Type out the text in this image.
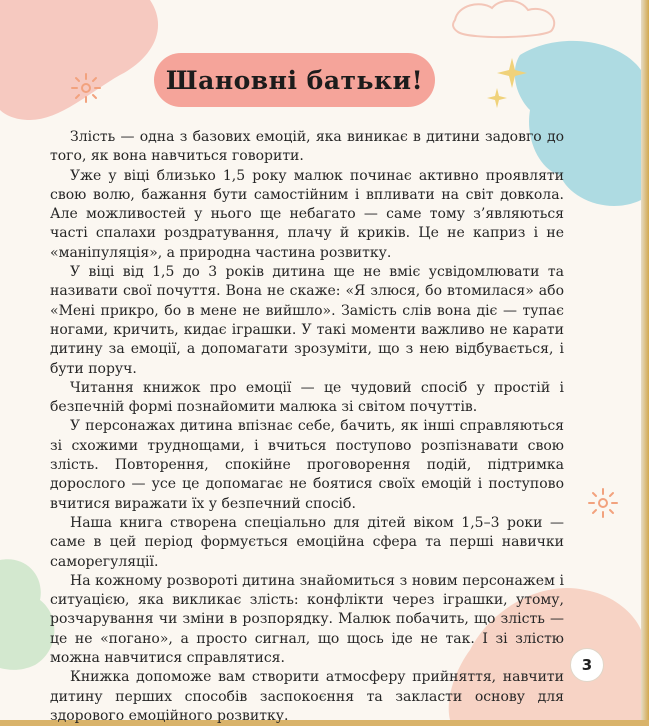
Шановні батьки!

Злість — одна з базових емоцій, яка виникає в дитини задовго до того, як вона навчиться говорити.

Уже у віці близько 1,5 року малюк починає активно проявляти свою волю, бажання бути самостійним і впливати на світ довкола. Але можливостей у нього ще небагато — саме тому з’являються часті спалахи роздратування, плачу й криків. Це не каприз і не «маніпуляція», а природна частина розвитку.

У віці від 1,5 до 3 років дитина ще не вміє усвідомлювати та називати свої почуття. Вона не скаже: «Я злюся, бо втомилася» або «Мені прикро, бо в мене не вийшло». Замість слів вона діє — тупає ногами, кричить, кидає іграшки. У такі моменти важливо не карати дитину за емоції, а допомагати зрозуміти, що з нею відбувається, і бути поруч.

Читання книжок про емоції — це чудовий спосіб у простій і безпечній формі познайомити малюка зі світом почуттів.

У персонажах дитина впізнає себе, бачить, як інші справляються зі схожими труднощами, і вчиться поступово розпізнавати свою злість. Повторення, спокійне проговорення подій, підтримка дорослого — усе це допомагає не боятися своїх емоцій і поступово вчитися виражати їх у безпечний спосіб.

Наша книга створена спеціально для дітей віком 1,5–3 роки — саме в цей період формується емоційна сфера та перші навички саморегуляції.

На кожному розвороті дитина знайомиться з новим персонажем і ситуацією, яка викликає злість: конфлікти через іграшки, утому, розчарування чи зміни в розпорядку. Малюк побачить, що злість — це не «погано», а просто сигнал, що щось іде не так. І зі злістю можна навчитися справлятися.

Книжка допоможе вам створити атмосферу прийняття, навчити дитину перших способів заспокоєння та закласти основу для здорового емоційного розвитку.

3
